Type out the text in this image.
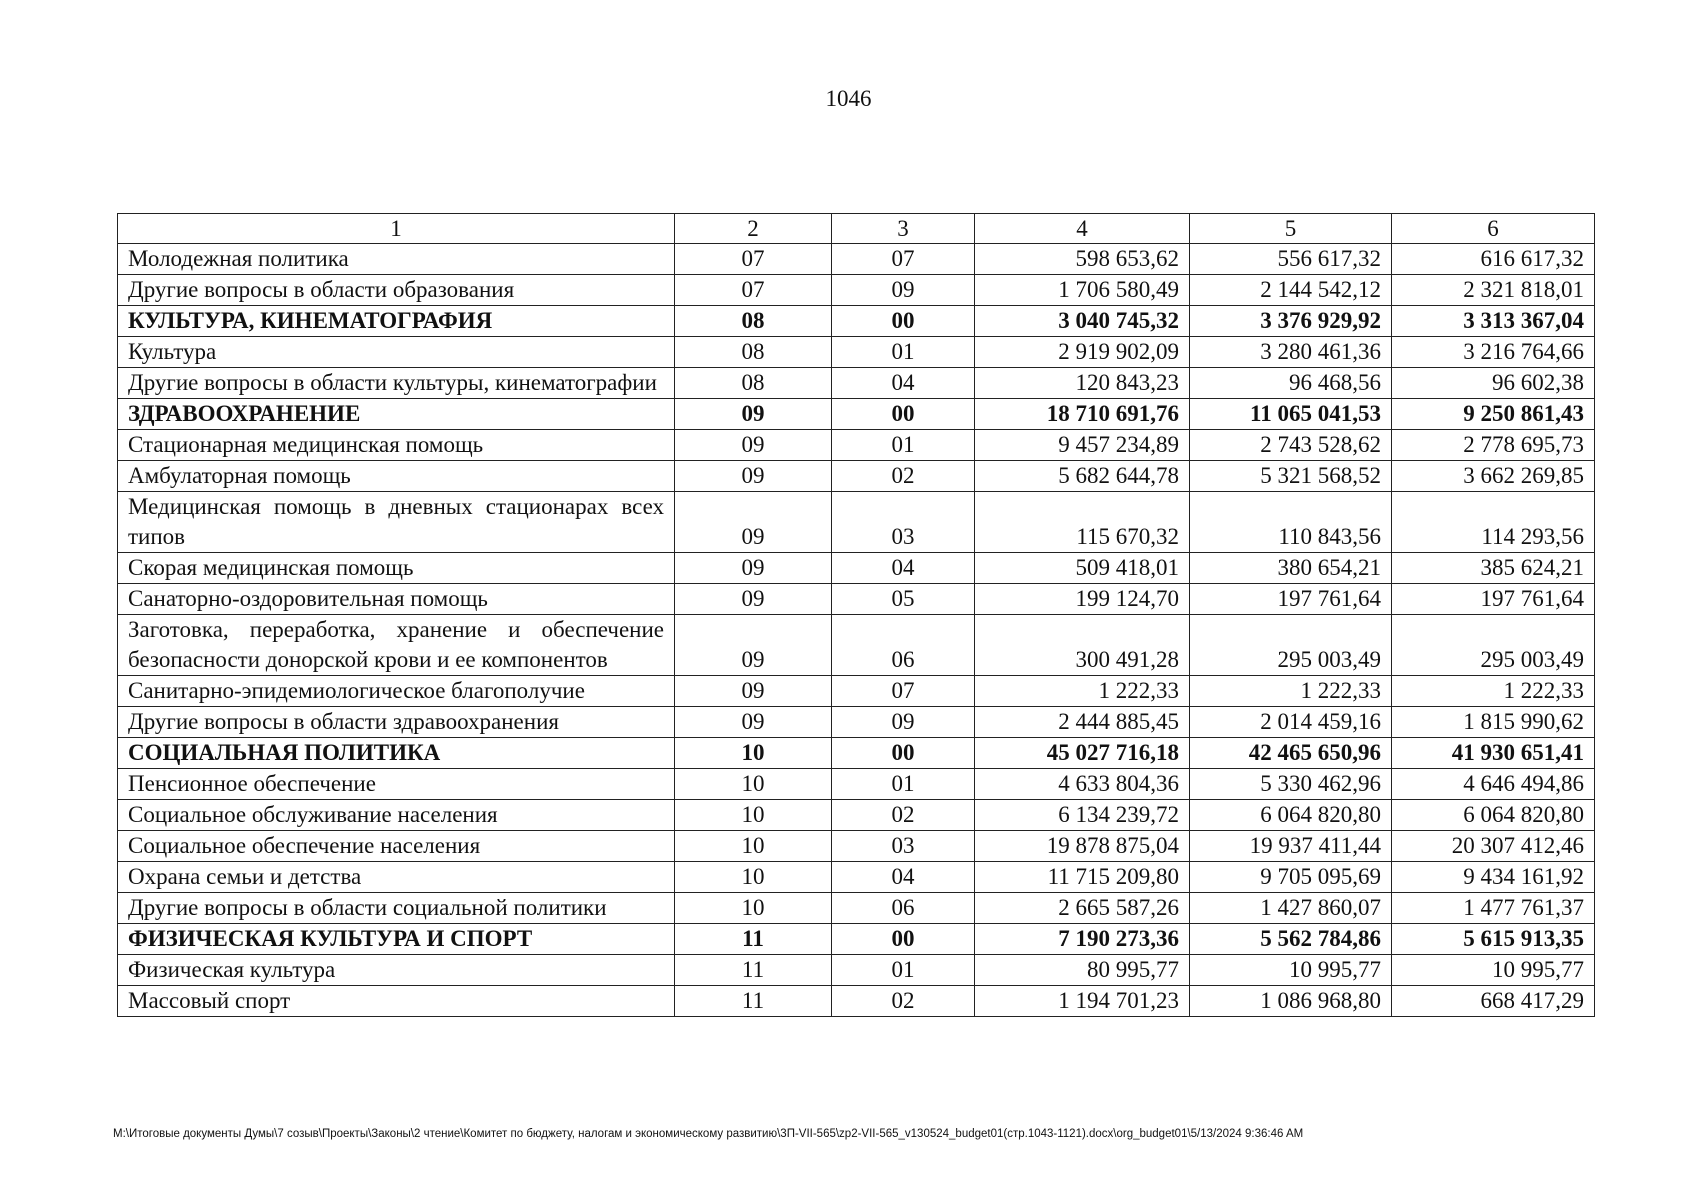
1046
1	2	3	4	5	6
Молодежная политика	07	07	598 653,62	556 617,32	616 617,32
Другие вопросы в области образования	07	09	1 706 580,49	2 144 542,12	2 321 818,01
КУЛЬТУРА, КИНЕМАТОГРАФИЯ	08	00	3 040 745,32	3 376 929,92	3 313 367,04
Культура	08	01	2 919 902,09	3 280 461,36	3 216 764,66
Другие вопросы в области культуры, кинематографии	08	04	120 843,23	96 468,56	96 602,38
ЗДРАВООХРАНЕНИЕ	09	00	18 710 691,76	11 065 041,53	9 250 861,43
Стационарная медицинская помощь	09	01	9 457 234,89	2 743 528,62	2 778 695,73
Амбулаторная помощь	09	02	5 682 644,78	5 321 568,52	3 662 269,85
Медицинская помощь в дневных стационарах всех типов	09	03	115 670,32	110 843,56	114 293,56
Скорая медицинская помощь	09	04	509 418,01	380 654,21	385 624,21
Санаторно-оздоровительная помощь	09	05	199 124,70	197 761,64	197 761,64
Заготовка, переработка, хранение и обеспечение безопасности донорской крови и ее компонентов	09	06	300 491,28	295 003,49	295 003,49
Санитарно-эпидемиологическое благополучие	09	07	1 222,33	1 222,33	1 222,33
Другие вопросы в области здравоохранения	09	09	2 444 885,45	2 014 459,16	1 815 990,62
СОЦИАЛЬНАЯ ПОЛИТИКА	10	00	45 027 716,18	42 465 650,96	41 930 651,41
Пенсионное обеспечение	10	01	4 633 804,36	5 330 462,96	4 646 494,86
Социальное обслуживание населения	10	02	6 134 239,72	6 064 820,80	6 064 820,80
Социальное обеспечение населения	10	03	19 878 875,04	19 937 411,44	20 307 412,46
Охрана семьи и детства	10	04	11 715 209,80	9 705 095,69	9 434 161,92
Другие вопросы в области социальной политики	10	06	2 665 587,26	1 427 860,07	1 477 761,37
ФИЗИЧЕСКАЯ КУЛЬТУРА И СПОРТ	11	00	7 190 273,36	5 562 784,86	5 615 913,35
Физическая культура	11	01	80 995,77	10 995,77	10 995,77
Массовый спорт	11	02	1 194 701,23	1 086 968,80	668 417,29
M:\Итоговые документы Думы\7 созыв\Проекты\Законы\2 чтение\Комитет по бюджету, налогам и экономическому развитию\3П-VII-565\zp2-VII-565_v130524_budget01(стр.1043-1121).docx\org_budget01\5/13/2024 9:36:46 AM
